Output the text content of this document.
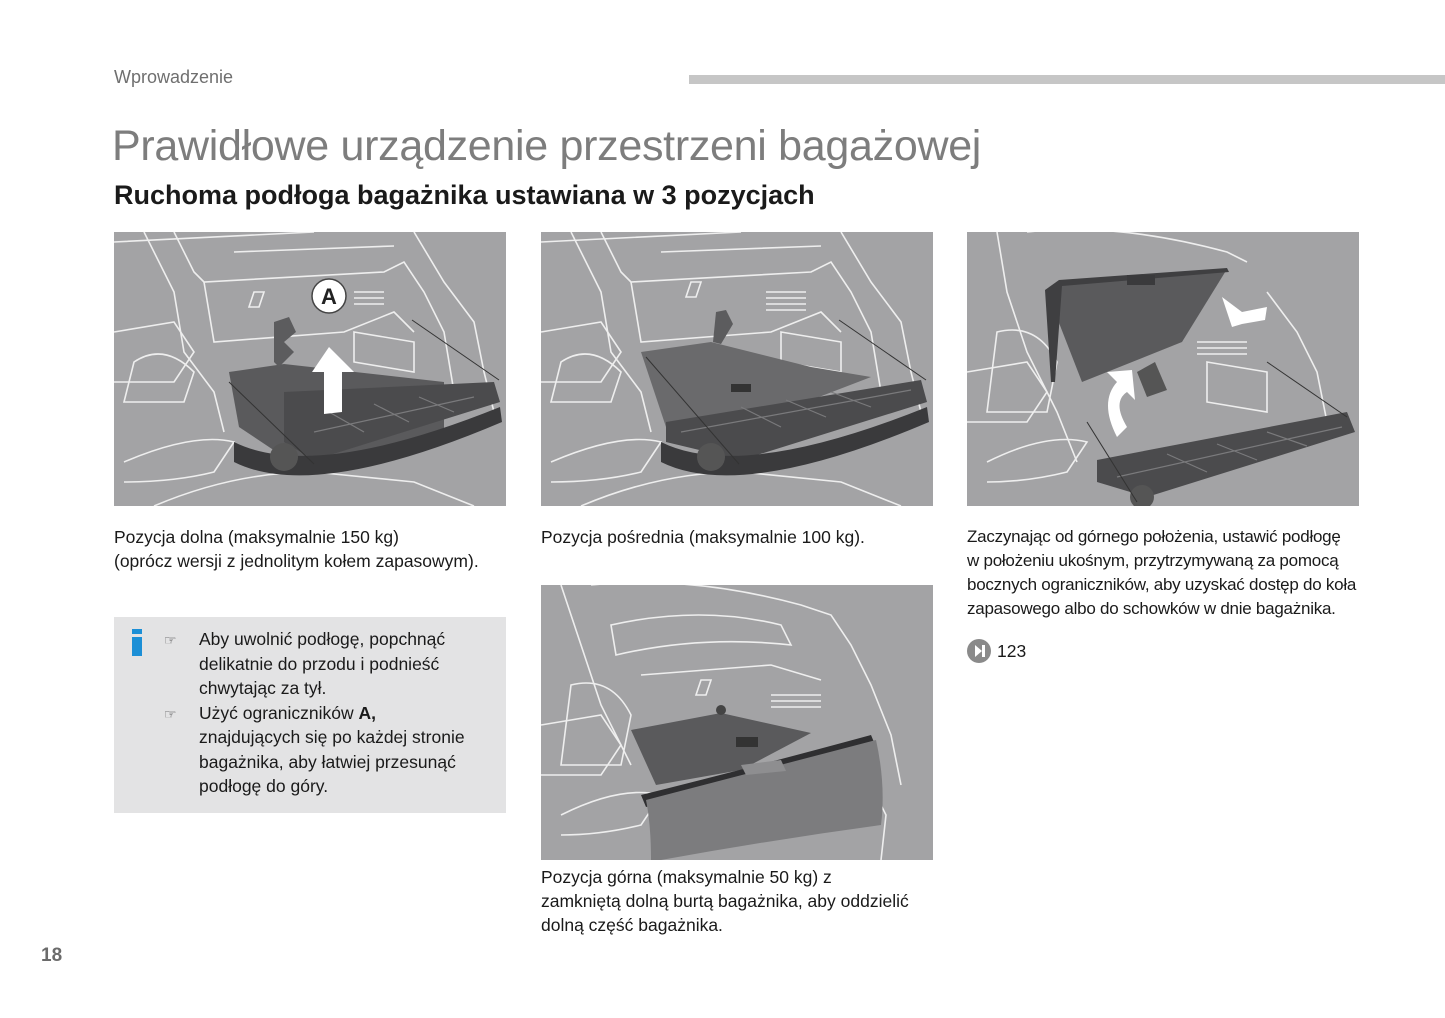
Wprowadzenie
Prawidłowe urządzenie przestrzeni bagażowej
Ruchoma podłoga bagażnika ustawiana w 3 pozycjach
A
Pozycja dolna (maksymalnie 150 kg)
(oprócz wersji z jednolitym kołem zapasowym).
Pozycja pośrednia (maksymalnie 100 kg).	Zaczynając od górnego położenia, ustawić podłogę
w położeniu ukośnym, przytrzymywaną za pomocą
bocznych ograniczników, aby uzyskać dostęp do koła
zapasowego albo do schowków w dnie bagażnika.
123
Pozycja górna (maksymalnie 50 kg) z
zamkniętą dolną burtą bagażnika, aby oddzielić
dolną część bagażnika.
☞ Aby uwolnić podłogę, popchnąć
delikatnie do przodu i podnieść
chwytając za tył.
☞ Użyć ograniczników A,
znajdujących się po każdej stronie
bagażnika, aby łatwiej przesunąć
podłogę do góry.
18
